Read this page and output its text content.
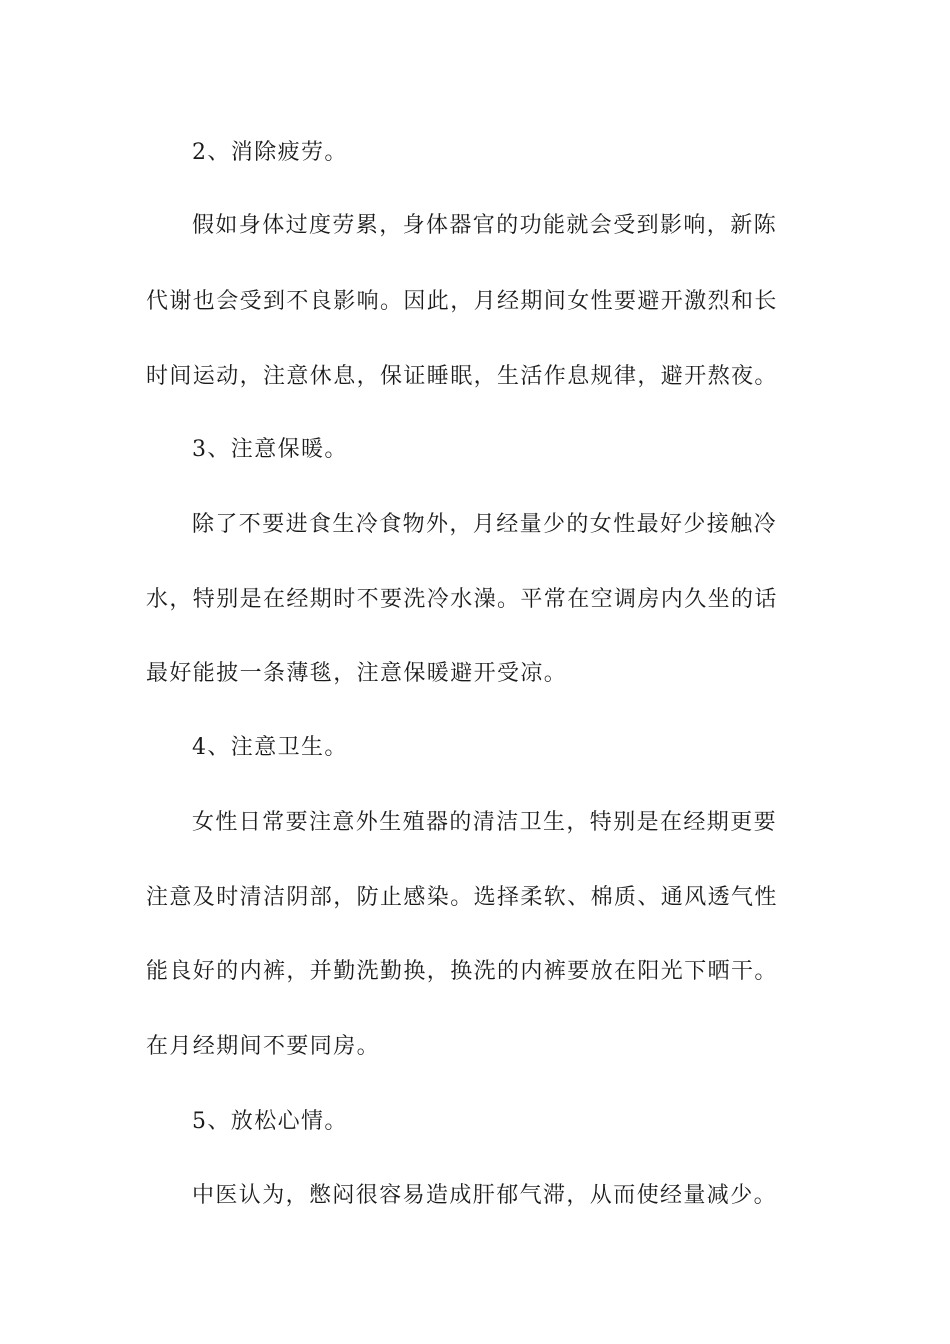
2、消除疲劳。
假如身体过度劳累，身体器官的功能就会受到影响，新陈
代谢也会受到不良影响。因此，月经期间女性要避开激烈和长
时间运动，注意休息，保证睡眠，生活作息规律，避开熬夜。
3、注意保暖。
除了不要进食生冷食物外，月经量少的女性最好少接触冷
水，特别是在经期时不要洗冷水澡。平常在空调房内久坐的话
最好能披一条薄毯，注意保暖避开受凉。
4、注意卫生。
女性日常要注意外生殖器的清洁卫生，特别是在经期更要
注意及时清洁阴部，防止感染。选择柔软、棉质、通风透气性
能良好的内裤，并勤洗勤换，换洗的内裤要放在阳光下晒干。
在月经期间不要同房。
5、放松心情。
中医认为，憋闷很容易造成肝郁气滞，从而使经量减少。
